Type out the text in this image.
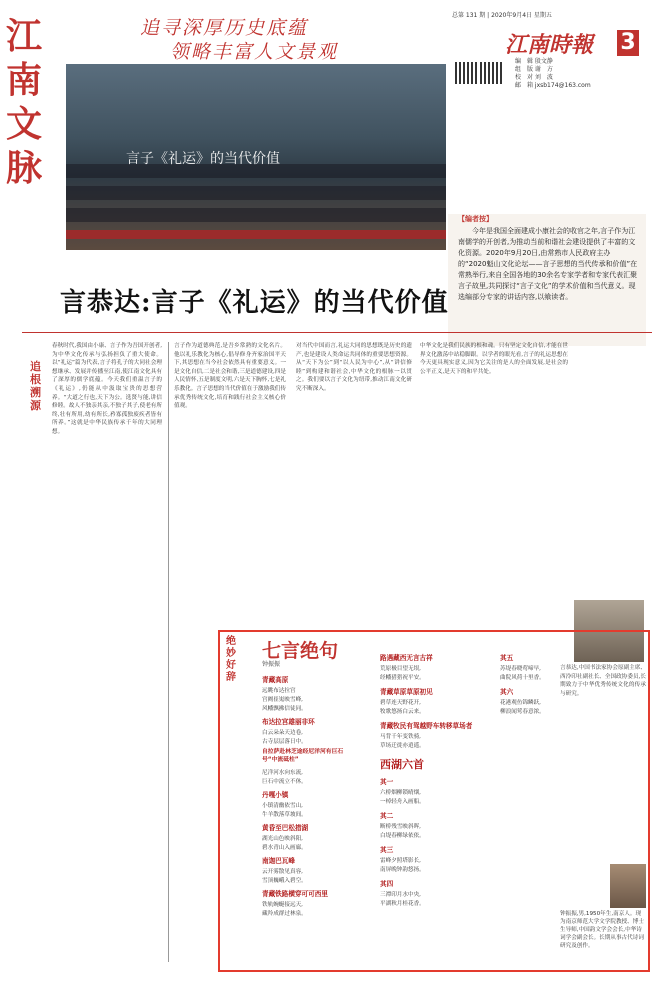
江南
文脉
追寻深厚历史底蕴
领略丰富人文景观
总第 131 期 | 2020年9月4日 星期五
江南時報 3
编　辑 殷文静
组　版 谢　方
校　对 刘　波
邮　箱 jxsb174@163.com
言子《礼运》的当代价值
【编者按】
今年是我国全面建成小康社会的收官之年,言子作为江南儒学的开创者,为推动当前和谐社会建设提供了丰富的文化资源。2020年9月20日,由常熟市人民政府主办的“2020魁山文化论坛——言子思想的当代传承和价值”在常熟举行,来自全国各地的30余名专家学者和专家代表汇聚言子故里,共同探讨“言子文化”的学术价值和当代意义。现选编部分专家的讲话内容,以飨读者。
言恭达:言子《礼运》的当代价值
追
根
溯
源
春秋时代,我国由小康、言子作为吾国开创者,为中华文化传承与弘扬担负了重大使命。以“礼运”篇为代表,言子将孔子的大同社会理想继承、发展并传播至江南,使江南文化具有了深厚的儒学底蕴。今天我们重温言子的《礼运》,仍能从中汲取宝贵的思想营养。“大道之行也,天下为公。选贤与能,讲信修睦。故人不独亲其亲,不独子其子,使老有所终,壮有所用,幼有所长,矜寡孤独废疾者皆有所养。”这就是中华民族传承千年的大同理想。
言子作为道德典范,是吾乡常熟的文化名片。他以礼乐教化为核心,倡导修身齐家治国平天下,其思想在当今社会依然具有重要意义。一是文化自信,二是社会和谐,三是道德建设,四是人民情怀,五是制度文明,六是天下胸怀,七是礼乐教化。言子思想的当代价值在于激励我们传承优秀传统文化,培育和践行社会主义核心价值观。
对当代中国而言,礼运大同的思想既是历史的遗产,也是建设人类命运共同体的重要思想资源。从“天下为公”到“以人民为中心”,从“讲信修睦”到构建和谐社会,中华文化的根脉一以贯之。我们要以言子文化为纽带,推动江南文化研究不断深入。
中华文化是我们民族的根和魂。只有坚定文化自信,才能在世界文化激荡中站稳脚跟。以学者的眼光看,言子的礼运思想在今天更具现实意义,因为它关注的是人的全面发展,是社会的公平正义,是天下的和平共处。
言恭达,中国书法家协会原副主席、西泠印社副社长、全国政协委员,长期致力于中华优秀传统文化的传承与研究。
绝
妙
好
辞
七言绝句
钟振振
青藏高原
远眺布达拉宫
宫阙崔嵬映雪峰,
风幡飘拂信徒同。
布达拉宫雄丽非环
白云朵朵天边卷,
古寺层层落日中。
自拉萨赴林芝途经尼洋河有巨石号“中流砥柱”
尼洋河水向东流,
巨石中流立不休。
丹嘎小镇
小镇清幽依雪山,
牛羊散落草坡间。
黄昏至巴松措湖
湖光山色映斜阳,
碧水青山入画廊。
南迦巴瓦峰
云开雾散见真容,
雪顶巍峨入碧空。
青藏铁路横穿可可西里
铁轨蜿蜒接远天,
藏羚成群过林泉。
路遇藏西无言古祥
荒原极目望无垠,
经幡猎猎祝平安。
青藏草原草原初见
碧草连天野花开,
牧歌悠扬白云来。
青藏牧民有驾越野车转移草场者
马背千年变铁骑,
草场迁徙亦逍遥。
西湖六首
其一
六桥烟柳锁晴烟,
一棹轻舟入画船。
其二
断桥残雪映斜晖,
白堤春柳绿依依。
其三
雷峰夕照塔影长,
南屏晚钟韵悠扬。
其四
三潭印月水中央,
平湖秋月桂花香。
其五
苏堤春晓莺啼早,
曲院风荷十里香。
其六
花港观鱼锦鳞跃,
柳浪闻莺春意浓。
钟振振,男,1950年生,南京人。现为南京师范大学文学院教授、博士生导师,中国韵文学会会长,中华诗词学会副会长。长期从事古代诗词研究及创作。
